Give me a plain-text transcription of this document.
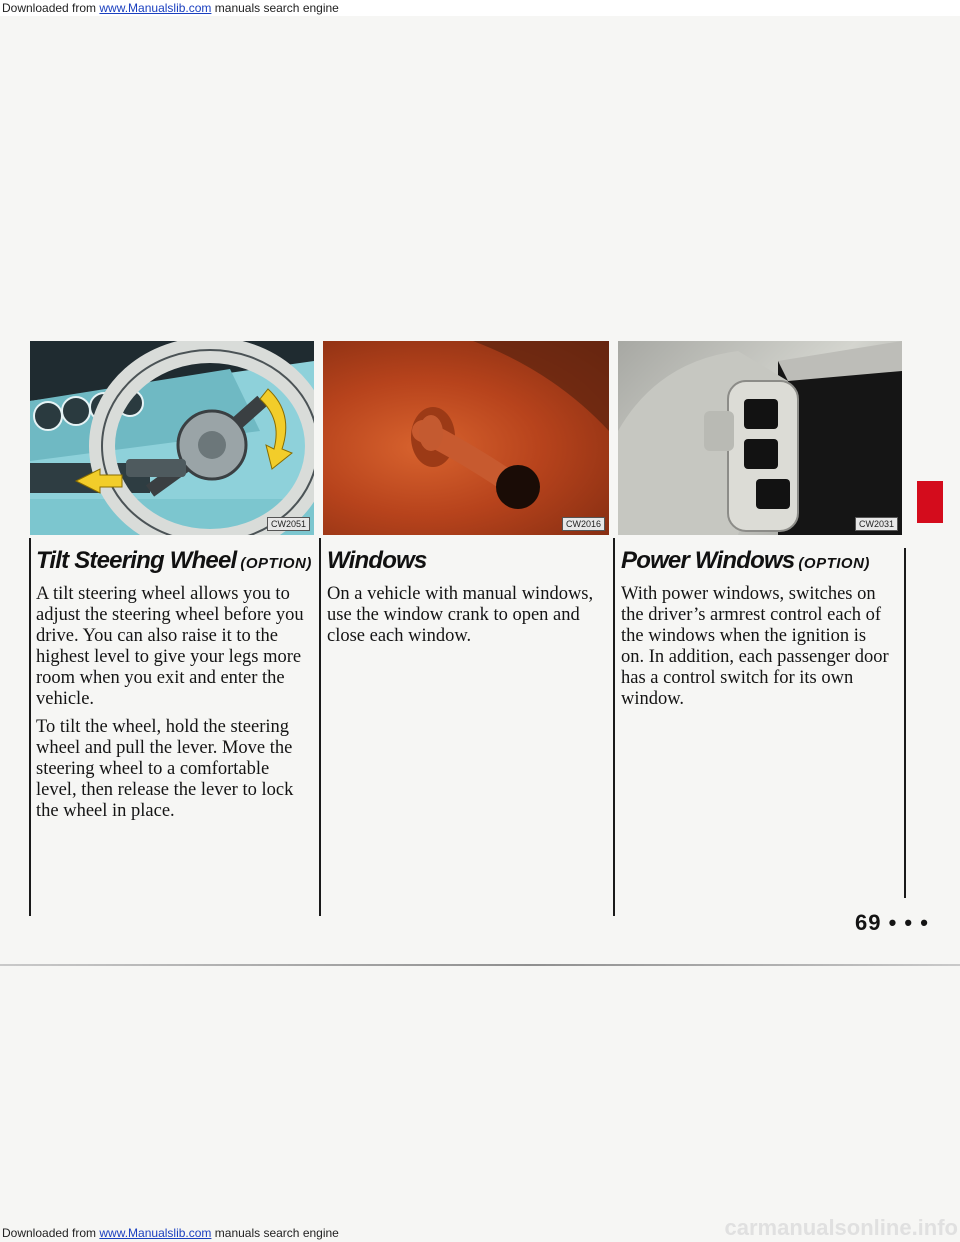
Downloaded from www.Manualslib.com manuals search engine
CW2051	CW2016	CW2031
Tilt Steering Wheel (OPTION)

A tilt steering wheel allows you to adjust the steering wheel before you drive. You can also raise it to the highest level to give your legs more room when you exit and enter the vehicle.

To tilt the wheel, hold the steering wheel and pull the lever. Move the steering wheel to a comfortable level, then release the lever to lock the wheel in place.

Windows

On a vehicle with manual windows, use the window crank to open and close each window.

Power Windows (OPTION)

With power windows, switches on the driver’s armrest control each of the windows when the ignition is on. In addition, each passenger door has a control switch for its own window.

69 • • •
Downloaded from www.Manualslib.com manuals search engine	carmanualsonline.info
